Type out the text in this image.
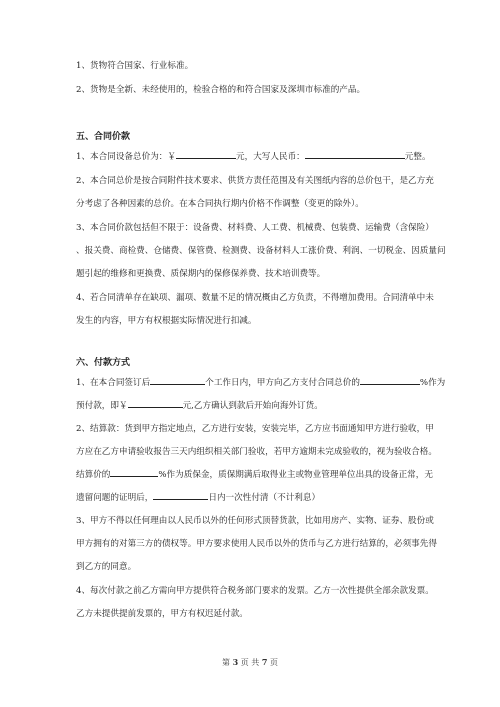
1、货物符合国家、行业标准。
2、货物是全新、未经使用的，检验合格的和符合国家及深圳市标准的产品。
五、合同价款
1、本合同设备总价为：￥	元，大写人民币：	元整。
2、本合同总价是按合同附件技术要求、供货方责任范围及有关图纸内容的总价包干，是乙方充
分考虑了各种因素的总价。在本合同执行期内价格不作调整（变更的除外）。
3、本合同价款包括但不限于：设备费、材料费、人工费、机械费、包装费、运输费（含保险）
、报关费、商检费、仓储费、保管费、检测费、设备材料人工涨价费、利润、一切税金、因质量问
题引起的维修和更换费、质保期内的保修保养费、技术培训费等。
4、若合同清单存在缺项、漏项、数量不足的情况概由乙方负责，不得增加费用。合同清单中未
发生的内容，甲方有权根据实际情况进行扣减。
六、付款方式
1、在本合同签订后	个工作日内，甲方向乙方支付合同总价的	%作为
预付款，即￥	元,乙方确认到款后开始向海外订货。
2、结算款：货到甲方指定地点，乙方进行安装，安装完毕，乙方应书面通知甲方进行验收，甲
方应在乙方申请验收报告三天内组织相关部门验收，若甲方逾期未完成验收的，视为验收合格。
结算价的	%作为质保金，质保期满后取得业主或物业管理单位出具的设备正常，无
遗留问题的证明后，	日内一次性付清（不计利息）
3、甲方不得以任何理由以人民币以外的任何形式顶替货款，比如用房产、实物、证券、股份或
甲方拥有的对第三方的债权等。甲方要求使用人民币以外的货币与乙方进行结算的，必须事先得
到乙方的同意。
4、每次付款之前乙方需向甲方提供符合税务部门要求的发票。乙方一次性提供全部余款发票。
乙方未提供提前发票的，甲方有权迟延付款。
第 3 页 共 7 页
